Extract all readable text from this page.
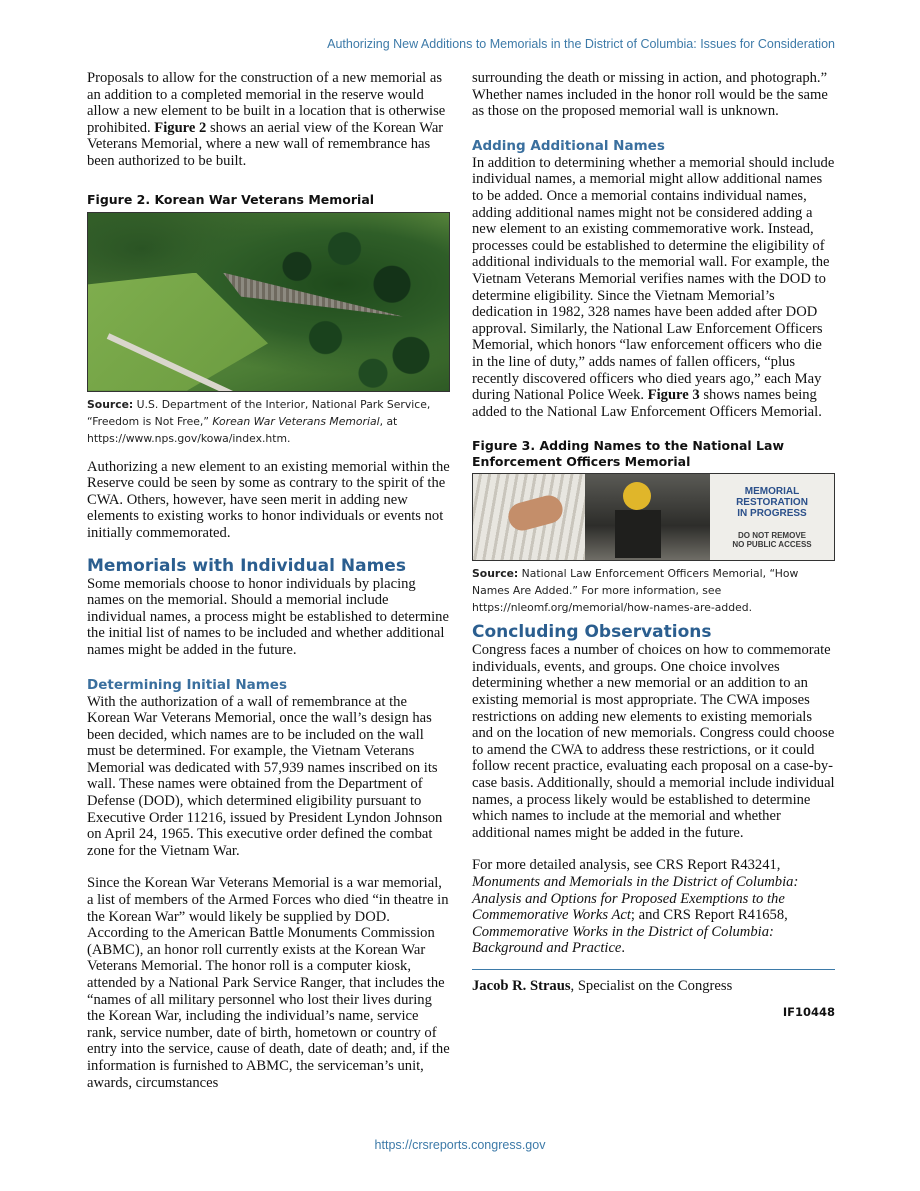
Authorizing New Additions to Memorials in the District of Columbia: Issues for Consideration

Proposals to allow for the construction of a new memorial as an addition to a completed memorial in the reserve would allow a new element to be built in a location that is otherwise prohibited. Figure 2 shows an aerial view of the Korean War Veterans Memorial, where a new wall of remembrance has been authorized to be built.

Figure 2. Korean War Veterans Memorial

Source: U.S. Department of the Interior, National Park Service, “Freedom is Not Free,” Korean War Veterans Memorial, at https://www.nps.gov/kowa/index.htm.

Authorizing a new element to an existing memorial within the Reserve could be seen by some as contrary to the spirit of the CWA. Others, however, have seen merit in adding new elements to existing works to honor individuals or events not initially commemorated.

Memorials with Individual Names

Some memorials choose to honor individuals by placing names on the memorial. Should a memorial include individual names, a process might be established to determine the initial list of names to be included and whether additional names might be added in the future.

Determining Initial Names

With the authorization of a wall of remembrance at the Korean War Veterans Memorial, once the wall’s design has been decided, which names are to be included on the wall must be determined. For example, the Vietnam Veterans Memorial was dedicated with 57,939 names inscribed on its wall. These names were obtained from the Department of Defense (DOD), which determined eligibility pursuant to Executive Order 11216, issued by President Lyndon Johnson on April 24, 1965. This executive order defined the combat zone for the Vietnam War.

Since the Korean War Veterans Memorial is a war memorial, a list of members of the Armed Forces who died “in theatre in the Korean War” would likely be supplied by DOD. According to the American Battle Monuments Commission (ABMC), an honor roll currently exists at the Korean War Veterans Memorial. The honor roll is a computer kiosk, attended by a National Park Service Ranger, that includes the “names of all military personnel who lost their lives during the Korean War, including the individual’s name, service rank, service number, date of birth, hometown or country of entry into the service, cause of death, date of death; and, if the information is furnished to ABMC, the serviceman’s unit, awards, circumstances

surrounding the death or missing in action, and photograph.” Whether names included in the honor roll would be the same as those on the proposed memorial wall is unknown.

Adding Additional Names

In addition to determining whether a memorial should include individual names, a memorial might allow additional names to be added. Once a memorial contains individual names, adding additional names might not be considered adding a new element to an existing commemorative work. Instead, processes could be established to determine the eligibility of additional individuals to the memorial wall. For example, the Vietnam Veterans Memorial verifies names with the DOD to determine eligibility. Since the Vietnam Memorial’s dedication in 1982, 328 names have been added after DOD approval. Similarly, the National Law Enforcement Officers Memorial, which honors “law enforcement officers who die in the line of duty,” adds names of fallen officers, “plus recently discovered officers who died years ago,” each May during National Police Week. Figure 3 shows names being added to the National Law Enforcement Officers Memorial.

Figure 3. Adding Names to the National Law Enforcement Officers Memorial

MEMORIAL RESTORATION
IN PROGRESS
DO NOT REMOVE
NO PUBLIC ACCESS

Source: National Law Enforcement Officers Memorial, “How Names Are Added.” For more information, see https://nleomf.org/memorial/how-names-are-added.

Concluding Observations

Congress faces a number of choices on how to commemorate individuals, events, and groups. One choice involves determining whether a new memorial or an addition to an existing memorial is most appropriate. The CWA imposes restrictions on adding new elements to existing memorials and on the location of new memorials. Congress could choose to amend the CWA to address these restrictions, or it could follow recent practice, evaluating each proposal on a case-by-case basis. Additionally, should a memorial include individual names, a process likely would be established to determine which names to include at the memorial and whether additional names might be added in the future.

For more detailed analysis, see CRS Report R43241, Monuments and Memorials in the District of Columbia: Analysis and Options for Proposed Exemptions to the Commemorative Works Act; and CRS Report R41658, Commemorative Works in the District of Columbia: Background and Practice.

Jacob R. Straus, Specialist on the Congress

IF10448

https://crsreports.congress.gov
